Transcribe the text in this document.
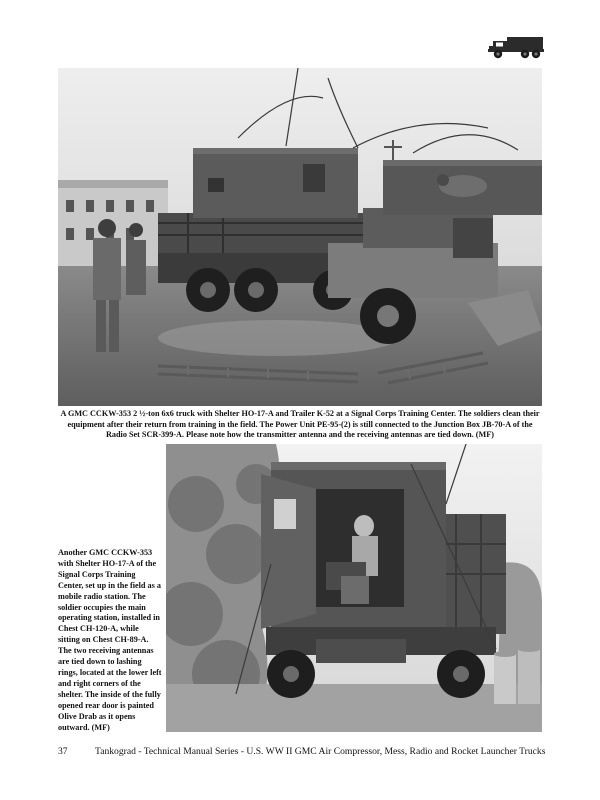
A GMC CCKW-353 2 ½-ton 6x6 truck with Shelter HO-17-A and Trailer K-52 at a Signal Corps Training Center. The soldiers clean their equipment after their return from training in the field. The Power Unit PE-95-(2) is still connected to the Junction Box JB-70-A of the Radio Set SCR-399-A. Please note how the transmitter antenna and the receiving antennas are tied down. (MF)
Another GMC CCKW-353 with Shelter HO-17-A of the Signal Corps Training Center, set up in the field as a mobile radio station. The soldier occupies the main operating station, installed in Chest CH-120-A, while sitting on Chest CH-89-A. The two receiving antennas are tied down to lashing rings, located at the lower left and right corners of the shelter. The inside of the fully opened rear door is painted Olive Drab as it opens outward. (MF)
37	Tankograd - Technical Manual Series - U.S. WW II GMC Air Compressor, Mess, Radio and Rocket Launcher Trucks
